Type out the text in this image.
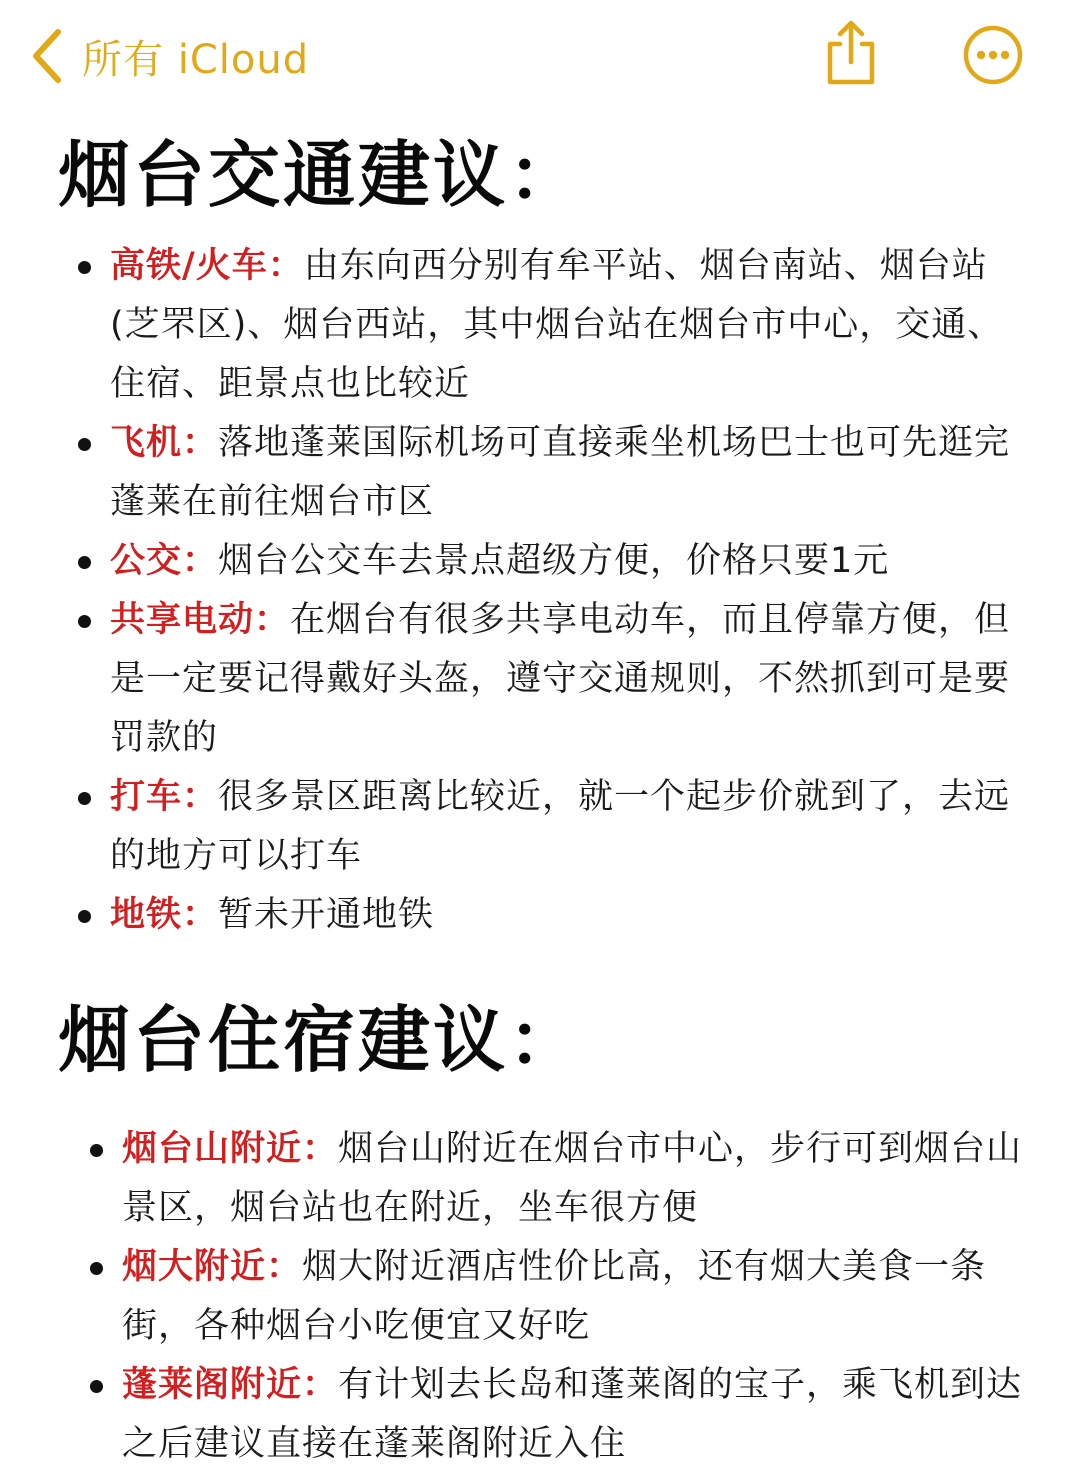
所有 iCloud
烟台交通建议：
高铁/火车：由东向西分别有牟平站、烟台南站、烟台站(芝罘区)、烟台西站，其中烟台站在烟台市中心，交通、住宿、距景点也比较近
飞机：落地蓬莱国际机场可直接乘坐机场巴士也可先逛完蓬莱在前往烟台市区
公交：烟台公交车去景点超级方便，价格只要1元
共享电动：在烟台有很多共享电动车，而且停靠方便，但是一定要记得戴好头盔，遵守交通规则，不然抓到可是要罚款的
打车：很多景区距离比较近，就一个起步价就到了，去远的地方可以打车
地铁：暂未开通地铁
烟台住宿建议：
烟台山附近：烟台山附近在烟台市中心，步行可到烟台山景区，烟台站也在附近，坐车很方便
烟大附近：烟大附近酒店性价比高，还有烟大美食一条街，各种烟台小吃便宜又好吃
蓬莱阁附近：有计划去长岛和蓬莱阁的宝子，乘飞机到达之后建议直接在蓬莱阁附近入住
